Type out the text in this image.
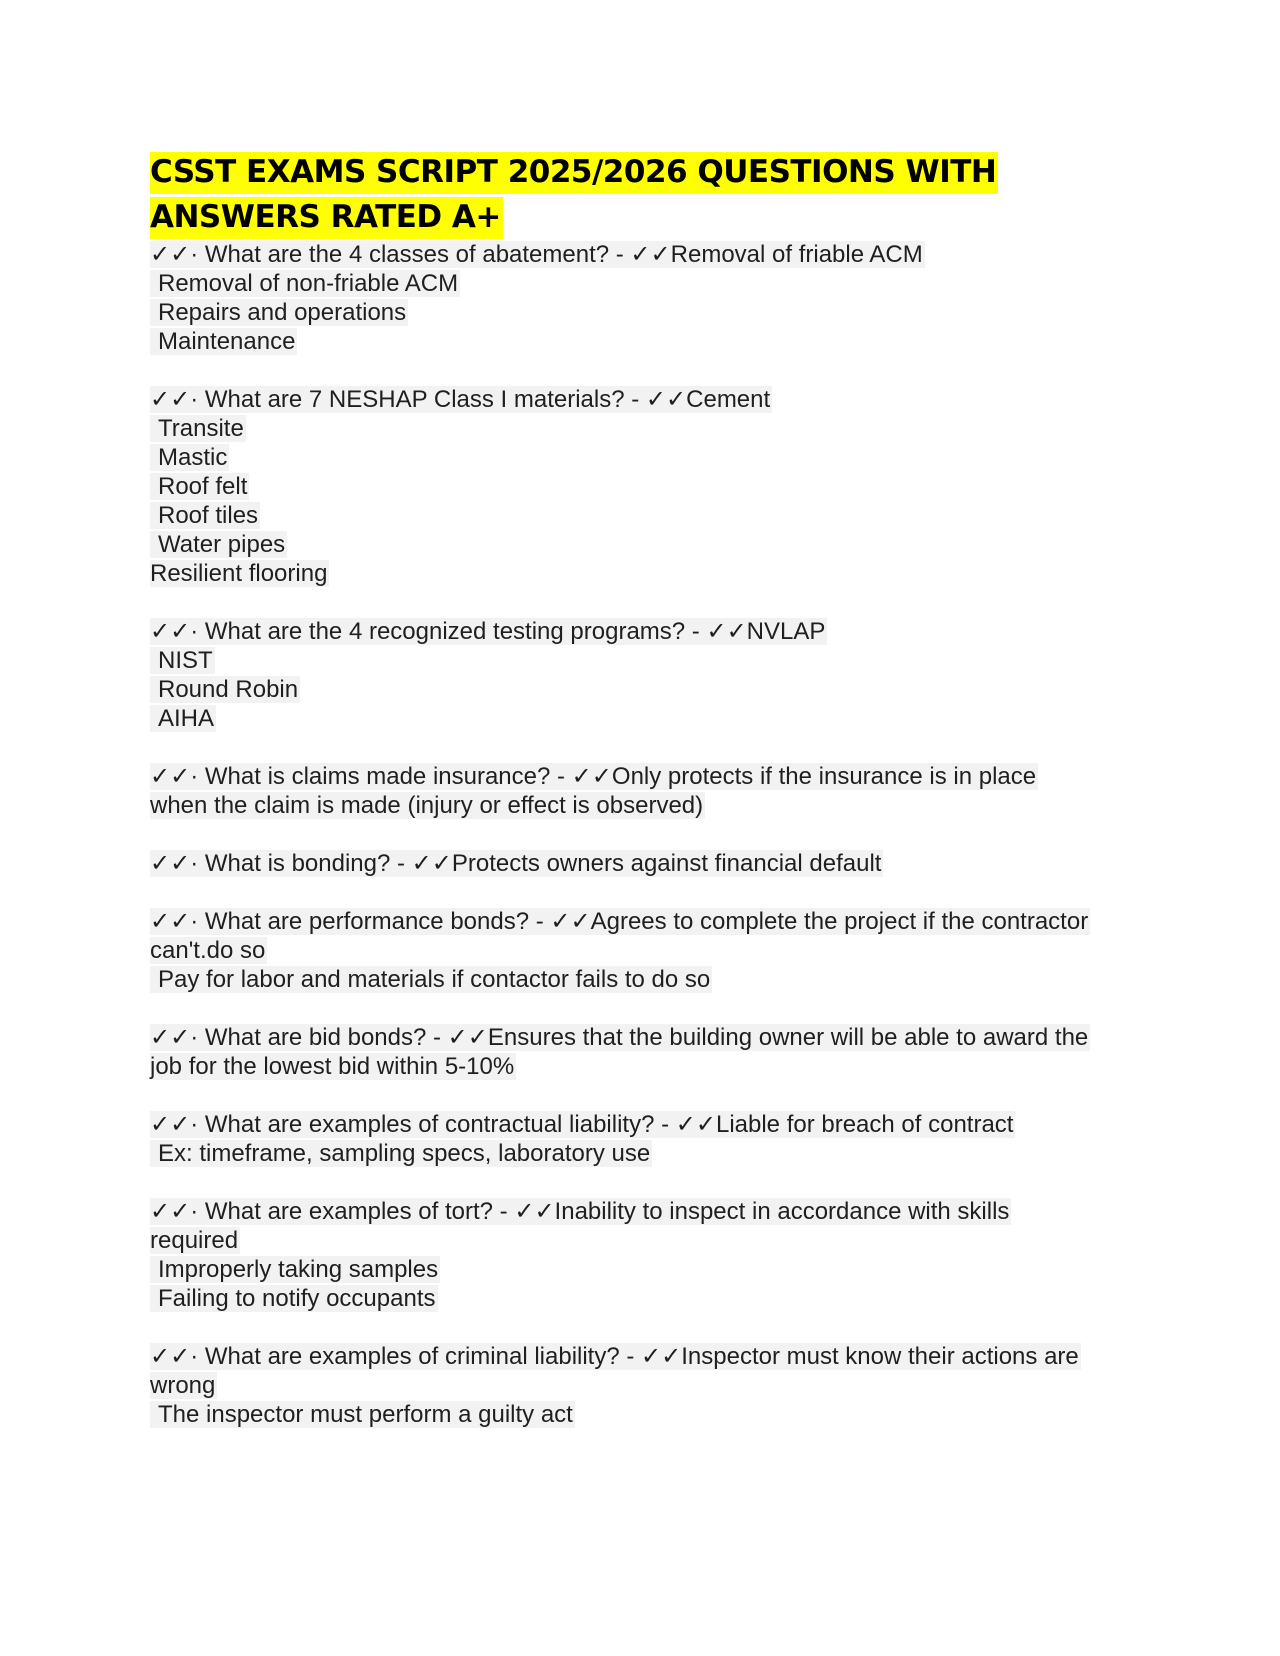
CSST EXAMS SCRIPT 2025/2026 QUESTIONS WITH
ANSWERS RATED A+
✓✓· What are the 4 classes of abatement? - ✓✓Removal of friable ACM
Removal of non-friable ACM
Repairs and operations
Maintenance
✓✓· What are 7 NESHAP Class I materials? - ✓✓Cement
Transite
Mastic
Roof felt
Roof tiles
Water pipes
Resilient flooring
✓✓· What are the 4 recognized testing programs? - ✓✓NVLAP
NIST
Round Robin
AIHA
✓✓· What is claims made insurance? - ✓✓Only protects if the insurance is in place
when the claim is made (injury or effect is observed)
✓✓· What is bonding? - ✓✓Protects owners against financial default
✓✓· What are performance bonds? - ✓✓Agrees to complete the project if the contractor
can't.do so
Pay for labor and materials if contactor fails to do so
✓✓· What are bid bonds? - ✓✓Ensures that the building owner will be able to award the
job for the lowest bid within 5-10%
✓✓· What are examples of contractual liability? - ✓✓Liable for breach of contract
Ex: timeframe, sampling specs, laboratory use
✓✓· What are examples of tort? - ✓✓Inability to inspect in accordance with skills
required
Improperly taking samples
Failing to notify occupants
✓✓· What are examples of criminal liability? - ✓✓Inspector must know their actions are
wrong
The inspector must perform a guilty act
